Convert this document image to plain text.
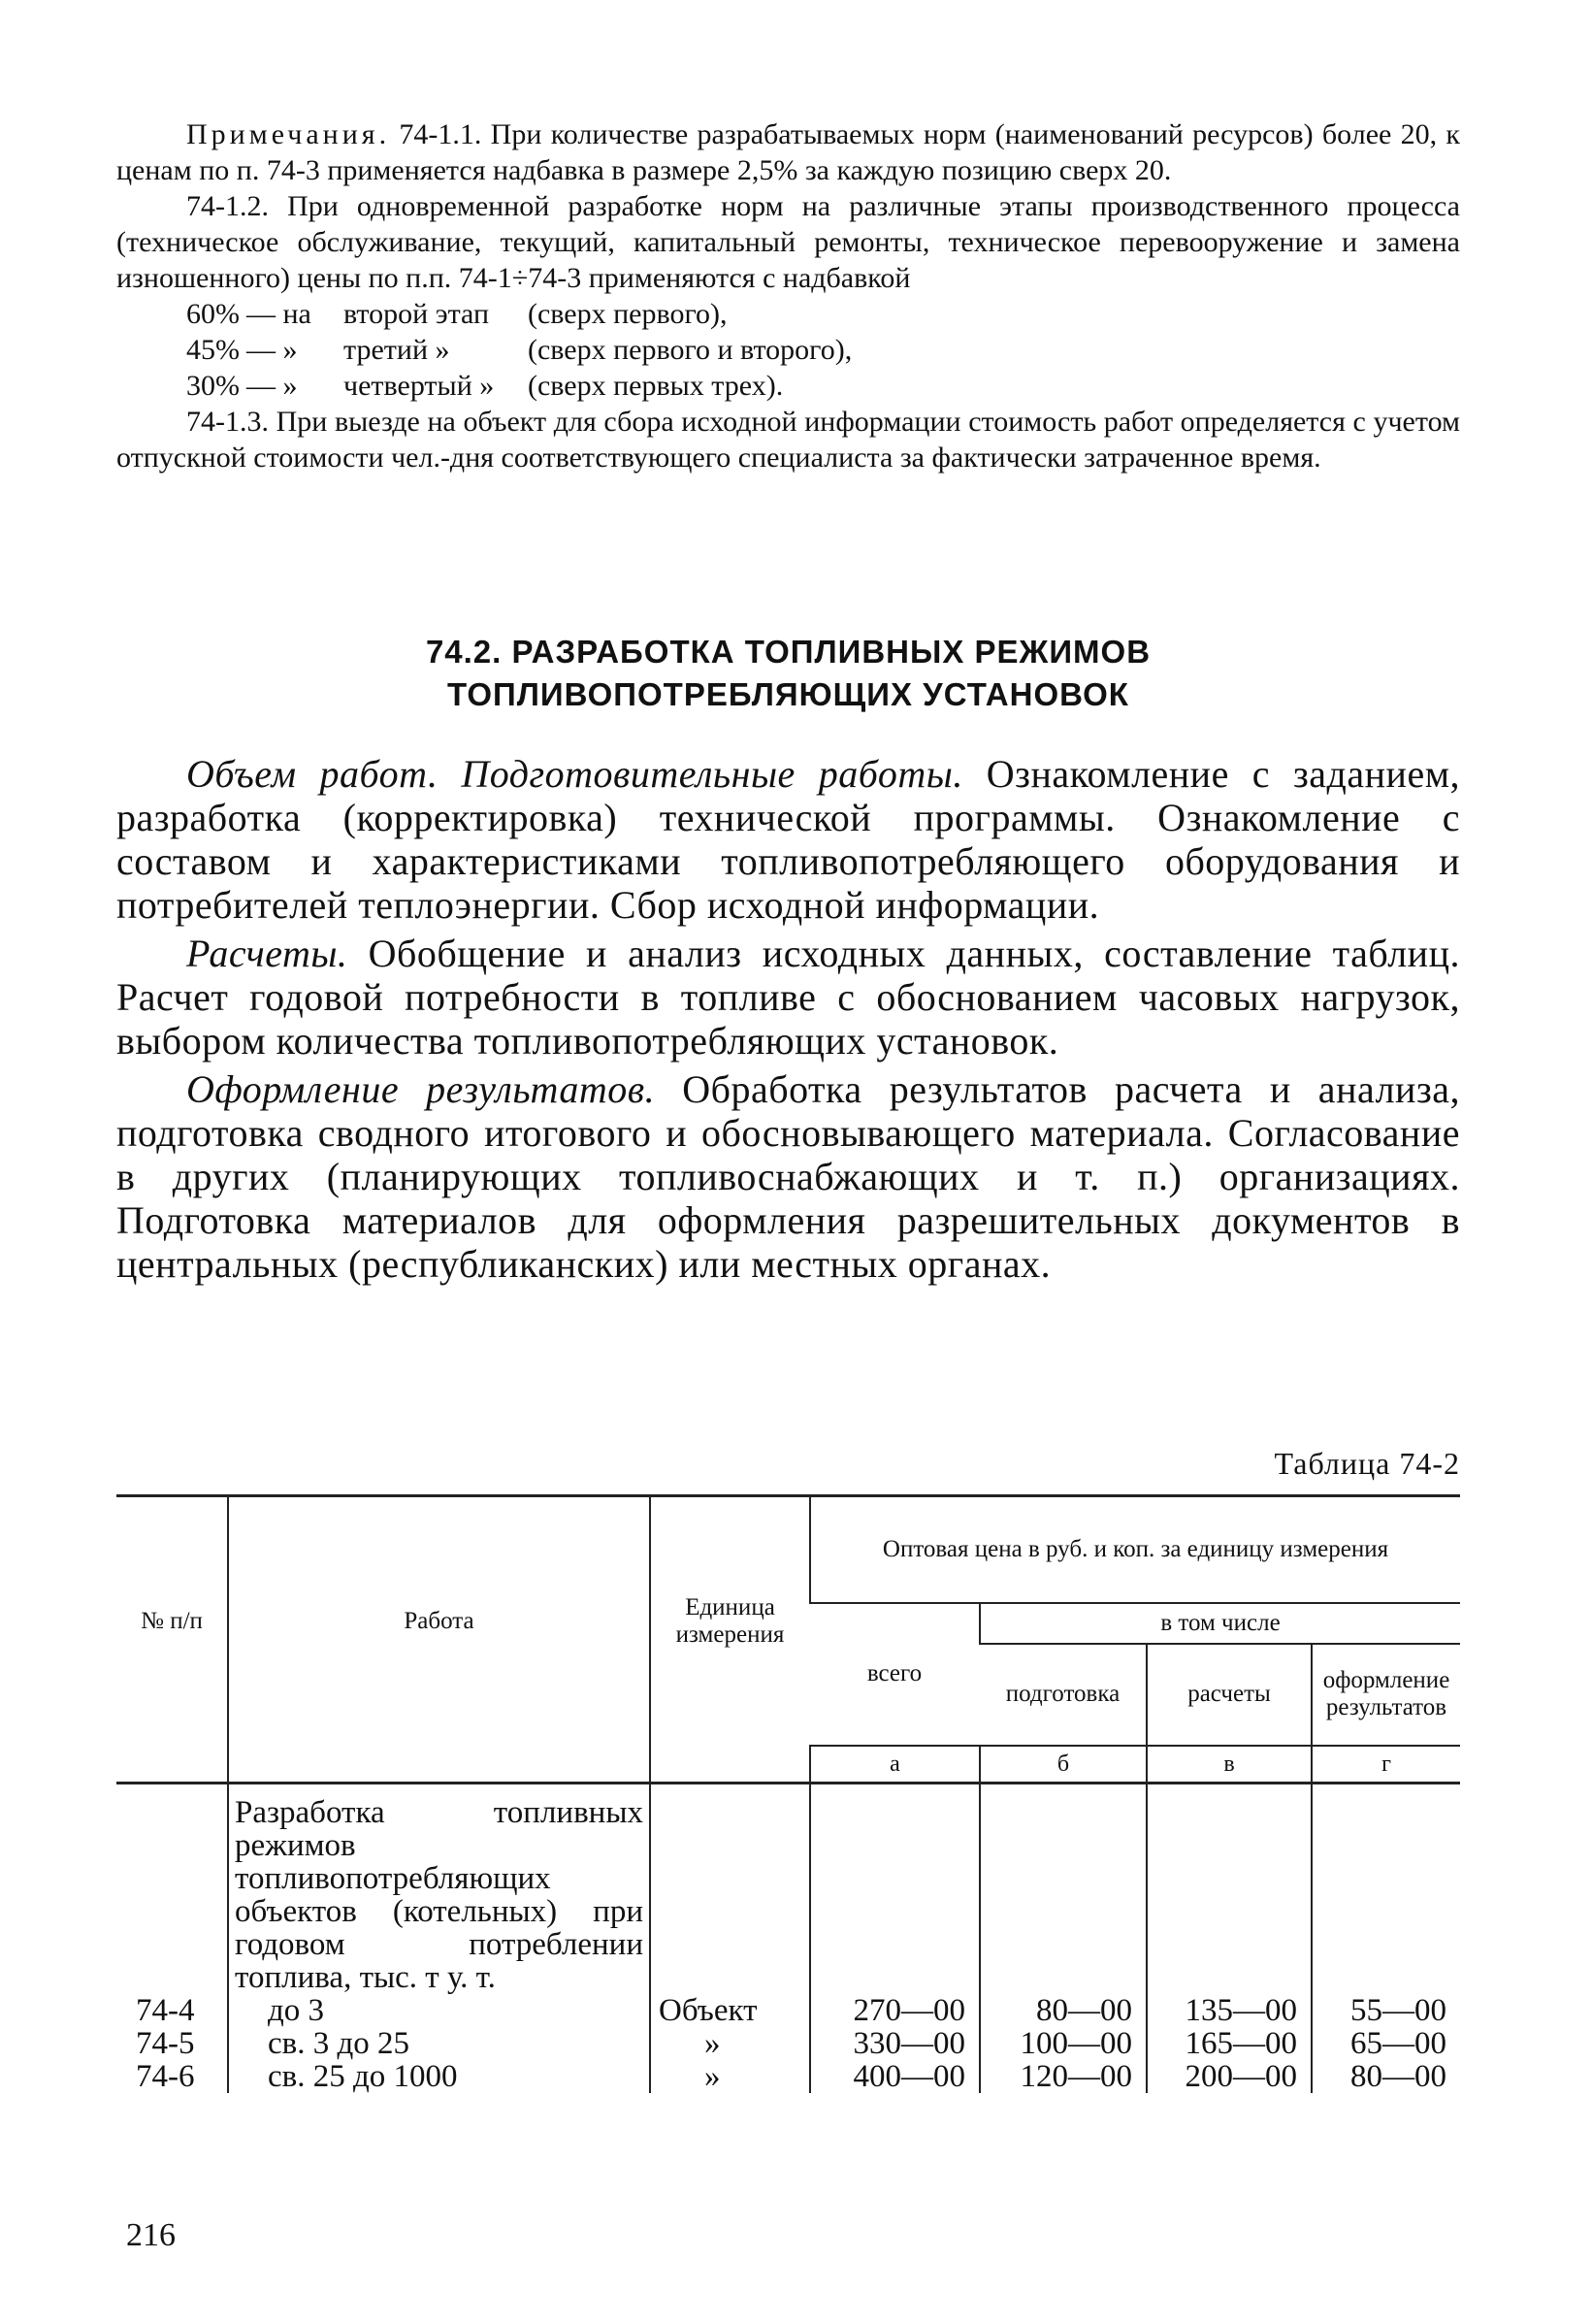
Примечания. 74-1.1. При количестве разрабатываемых норм (наименований ресурсов) более 20, к ценам по п. 74-3 применяется надбавка в размере 2,5% за каждую позицию сверх 20.

74-1.2. При одновременной разработке норм на различные этапы производственного процесса (техническое обслуживание, текущий, капитальный ремонты, техническое перевооружение и замена изношенного) цены по п.п. 74-1÷74-3 применяются с надбавкой

60% — на	второй этап	(сверх первого),
45% — »	третий »	(сверх первого и второго),
30% — »	четвертый »	(сверх первых трех).

74-1.3. При выезде на объект для сбора исходной информации стоимость работ определяется с учетом отпускной стоимости чел.-дня соответствующего специалиста за фактически затраченное время.

74.2. РАЗРАБОТКА ТОПЛИВНЫХ РЕЖИМОВ
ТОПЛИВОПОТРЕБЛЯЮЩИХ УСТАНОВОК

Объем работ. Подготовительные работы. Ознакомление с заданием, разработка (корректировка) технической программы. Ознакомление с составом и характеристиками топливопотребляющего оборудования и потребителей теплоэнергии. Сбор исходной информации.

Расчеты. Обобщение и анализ исходных данных, составление таблиц. Расчет годовой потребности в топливе с обоснованием часовых нагрузок, выбором количества топливопотребляющих установок.

Оформление результатов. Обработка результатов расчета и анализа, подготовка сводного итогового и обосновывающего материала. Согласование в других (планирующих топливоснабжающих и т. п.) организациях. Подготовка материалов для оформления разрешительных документов в центральных (республиканских) или местных органах.

Таблица 74-2
№ п/п	Работа	Единица измерения	Оптовая цена в руб. и коп. за единицу измерения			
			всего	в том числе		
				подготовка	расчеты	оформление результатов
			а	б	в	г
	Разработка топливных режимов топливопотребляющих объектов (котельных) при годовом потреблении топлива, тыс. т у. т.					
74-4	до 3	Объект	270—00	80—00	135—00	55—00
74-5	св. 3 до 25	»	330—00	100—00	165—00	65—00
74-6	св. 25 до 1000	»	400—00	120—00	200—00	80—00
216
